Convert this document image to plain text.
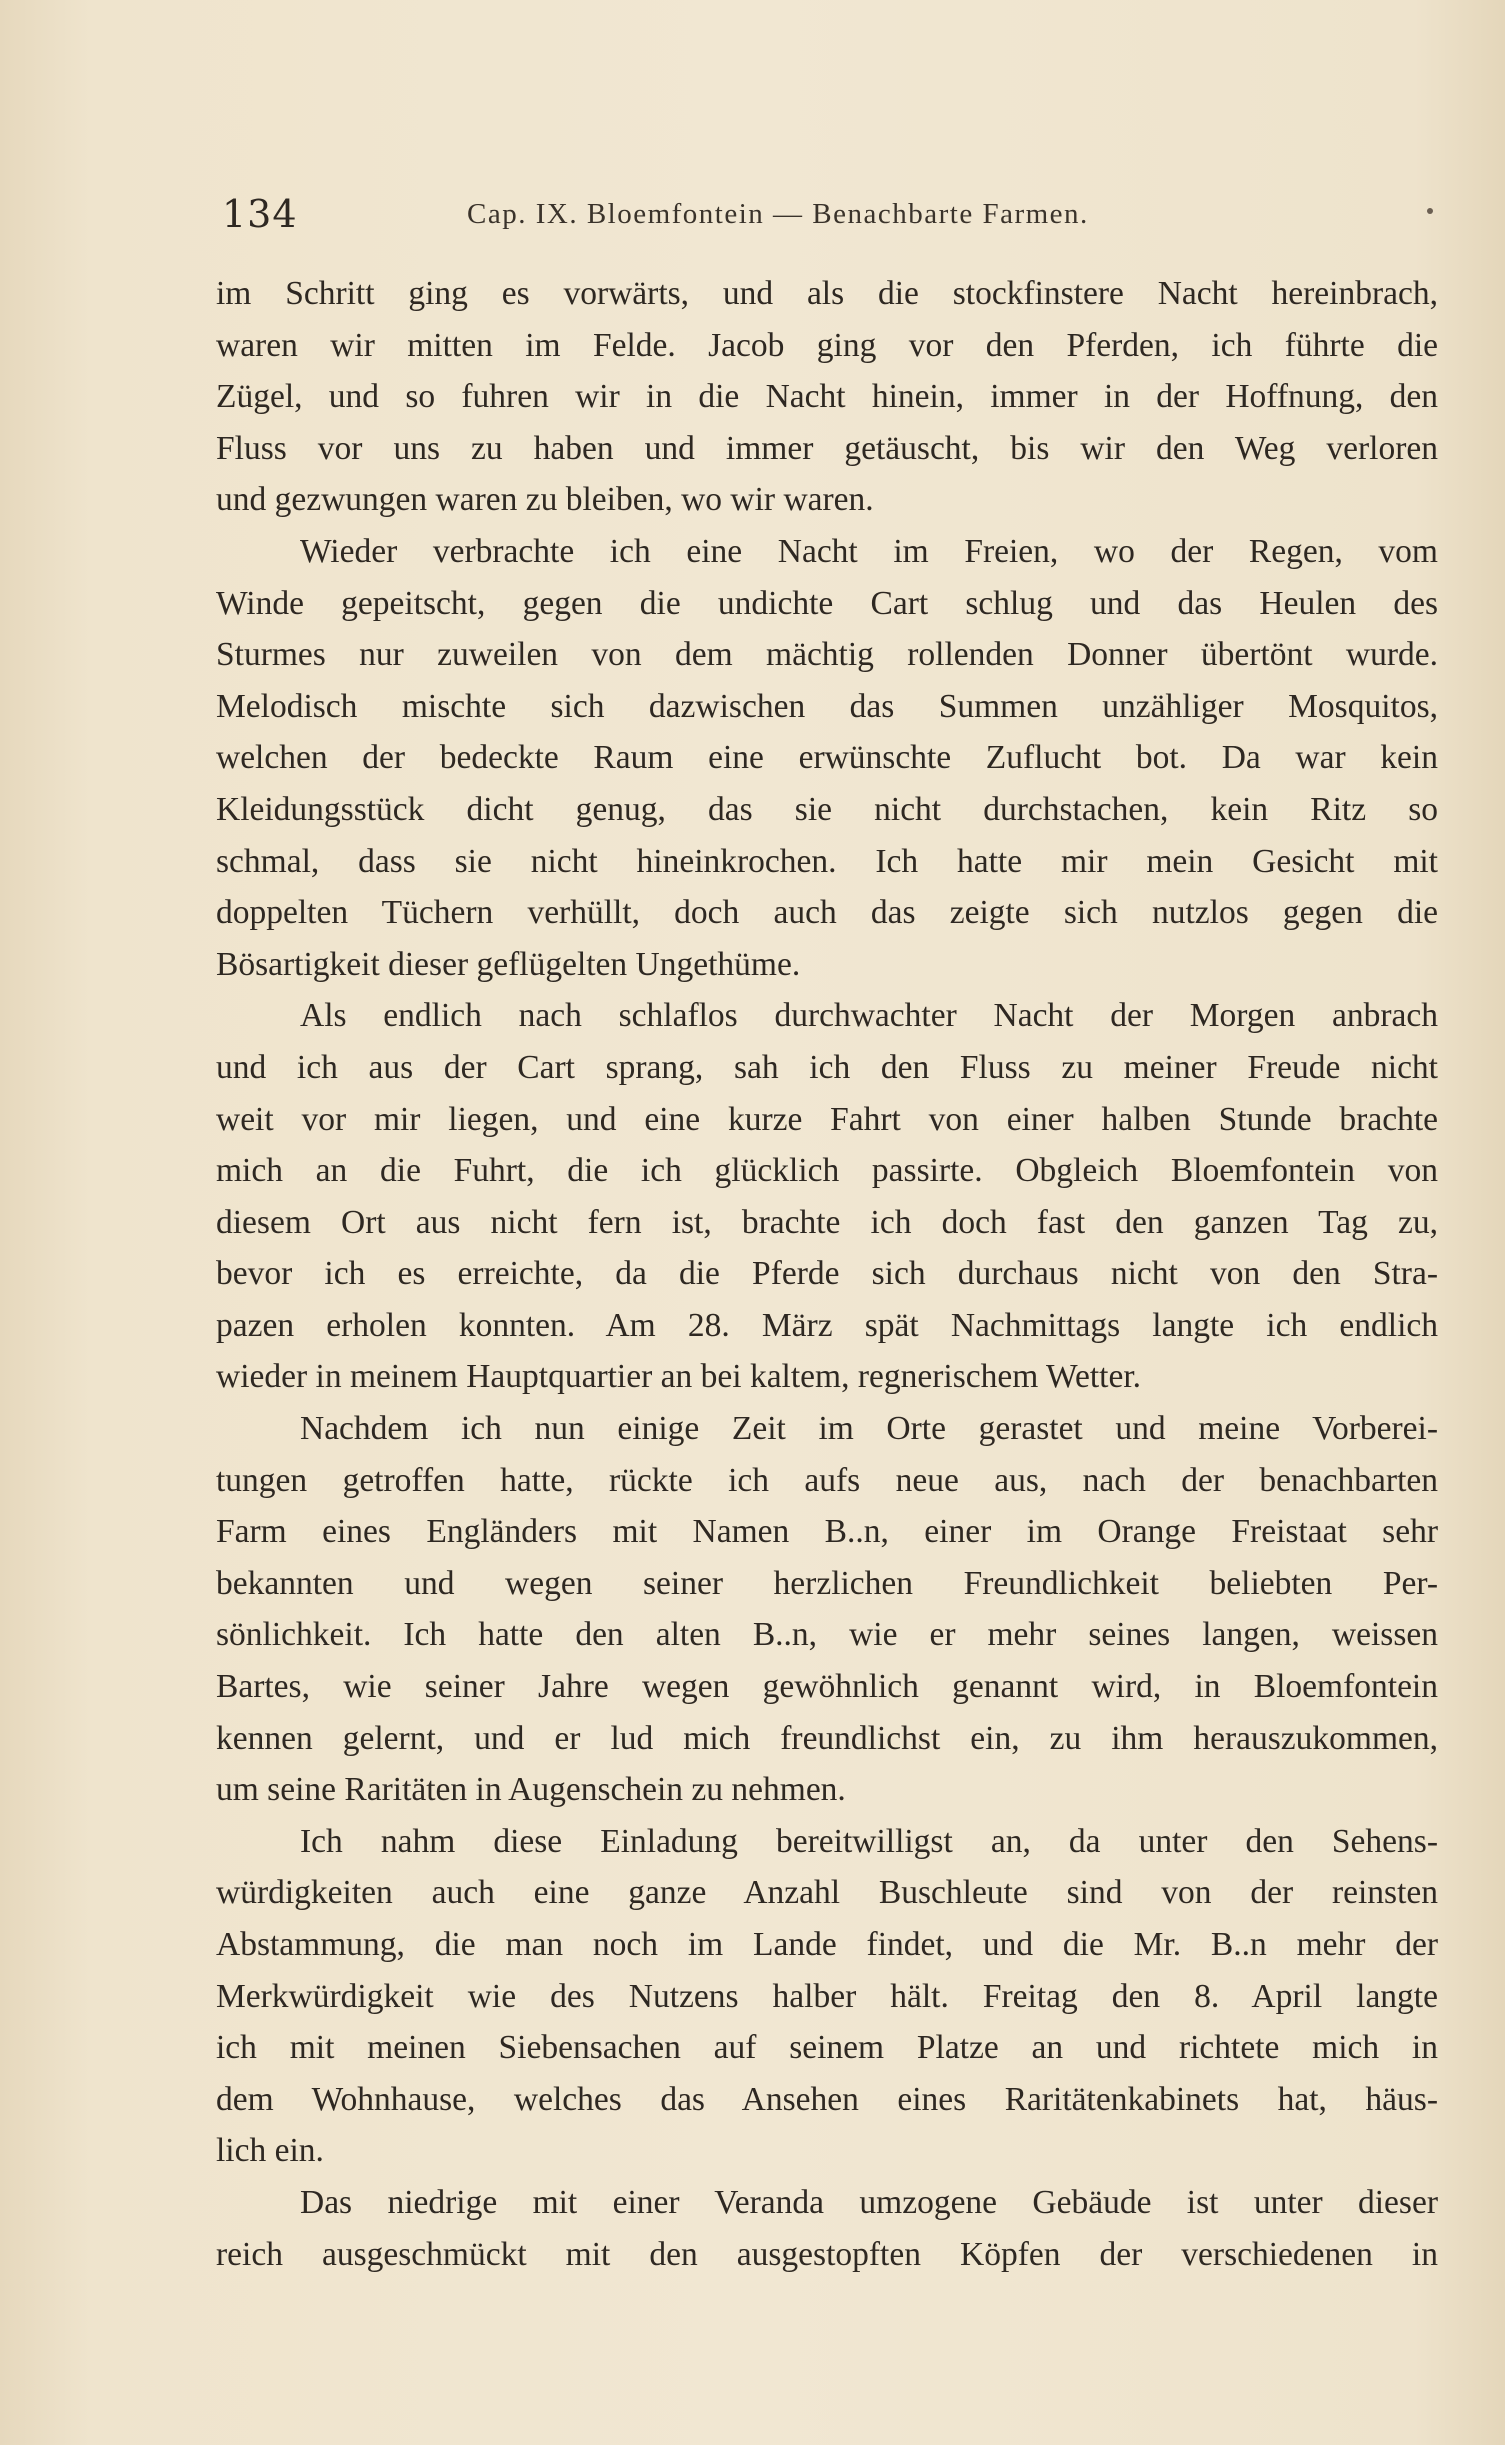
134	Cap. IX. Bloemfontein — Benachbarte Farmen.

im Schritt ging es vorwärts, und als die stockfinstere Nacht hereinbrach,
waren wir mitten im Felde. Jacob ging vor den Pferden, ich führte die
Zügel, und so fuhren wir in die Nacht hinein, immer in der Hoffnung, den
Fluss vor uns zu haben und immer getäuscht, bis wir den Weg verloren
und gezwungen waren zu bleiben, wo wir waren.

Wieder verbrachte ich eine Nacht im Freien, wo der Regen, vom
Winde gepeitscht, gegen die undichte Cart schlug und das Heulen des
Sturmes nur zuweilen von dem mächtig rollenden Donner übertönt wurde.
Melodisch mischte sich dazwischen das Summen unzähliger Mosquitos,
welchen der bedeckte Raum eine erwünschte Zuflucht bot. Da war kein
Kleidungsstück dicht genug, das sie nicht durchstachen, kein Ritz so
schmal, dass sie nicht hineinkrochen. Ich hatte mir mein Gesicht mit
doppelten Tüchern verhüllt, doch auch das zeigte sich nutzlos gegen die
Bösartigkeit dieser geflügelten Ungethüme.

Als endlich nach schlaflos durchwachter Nacht der Morgen anbrach
und ich aus der Cart sprang, sah ich den Fluss zu meiner Freude nicht
weit vor mir liegen, und eine kurze Fahrt von einer halben Stunde brachte
mich an die Fuhrt, die ich glücklich passirte. Obgleich Bloemfontein von
diesem Ort aus nicht fern ist, brachte ich doch fast den ganzen Tag zu,
bevor ich es erreichte, da die Pferde sich durchaus nicht von den Stra-
pazen erholen konnten. Am 28. März spät Nachmittags langte ich endlich
wieder in meinem Hauptquartier an bei kaltem, regnerischem Wetter.

Nachdem ich nun einige Zeit im Orte gerastet und meine Vorberei-
tungen getroffen hatte, rückte ich aufs neue aus, nach der benachbarten
Farm eines Engländers mit Namen B..n, einer im Orange Freistaat sehr
bekannten und wegen seiner herzlichen Freundlichkeit beliebten Per-
sönlichkeit. Ich hatte den alten B..n, wie er mehr seines langen, weissen
Bartes, wie seiner Jahre wegen gewöhnlich genannt wird, in Bloemfontein
kennen gelernt, und er lud mich freundlichst ein, zu ihm herauszukommen,
um seine Raritäten in Augenschein zu nehmen.

Ich nahm diese Einladung bereitwilligst an, da unter den Sehens-
würdigkeiten auch eine ganze Anzahl Buschleute sind von der reinsten
Abstammung, die man noch im Lande findet, und die Mr. B..n mehr der
Merkwürdigkeit wie des Nutzens halber hält. Freitag den 8. April langte
ich mit meinen Siebensachen auf seinem Platze an und richtete mich in
dem Wohnhause, welches das Ansehen eines Raritätenkabinets hat, häus-
lich ein.

Das niedrige mit einer Veranda umzogene Gebäude ist unter dieser
reich ausgeschmückt mit den ausgestopften Köpfen der verschiedenen in
